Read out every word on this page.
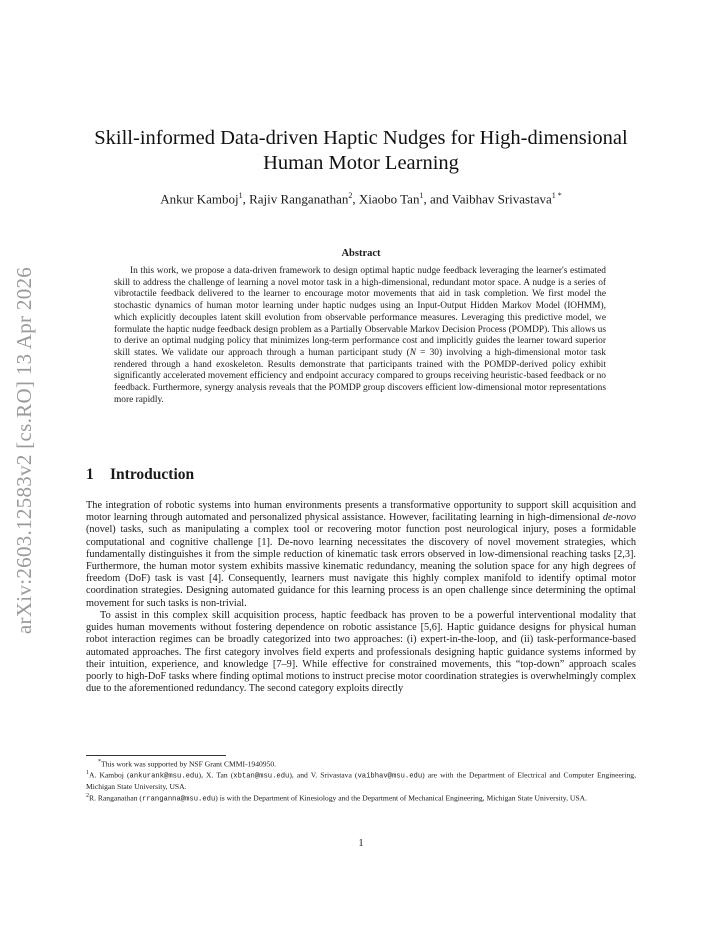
arXiv:2603.12583v2 [cs.RO] 13 Apr 2026
Skill-informed Data-driven Haptic Nudges for High-dimensional
Human Motor Learning
Ankur Kamboj$^1$, Rajiv Ranganathan$^2$, Xiaobo Tan$^1$, and Vaibhav Srivastava$^{1 *}$
Abstract

In this work, we propose a data-driven framework to design optimal haptic nudge feedback leveraging the learner's estimated skill to address the challenge of learning a novel motor task in a high-dimensional, redundant motor space. A nudge is a series of vibrotactile feedback delivered to the learner to encourage motor movements that aid in task completion. We first model the stochastic dynamics of human motor learning under haptic nudges using an Input-Output Hidden Markov Model (IOHMM), which explicitly decouples latent skill evolution from observable performance measures. Leveraging this predictive model, we formulate the haptic nudge feedback design problem as a Partially Observable Markov Decision Process (POMDP). This allows us to derive an optimal nudging policy that minimizes long-term performance cost and implicitly guides the learner toward superior skill states. We validate our approach through a human participant study (N = 30) involving a high-dimensional motor task rendered through a hand exoskeleton. Results demonstrate that participants trained with the POMDP-derived policy exhibit significantly accelerated movement efficiency and endpoint accuracy compared to groups receiving heuristic-based feedback or no feedback. Furthermore, synergy analysis reveals that the POMDP group discovers efficient low-dimensional motor representations more rapidly.

1 Introduction

The integration of robotic systems into human environments presents a transformative opportunity to support skill acquisition and motor learning through automated and personalized physical assistance. However, facilitating learning in high-dimensional de-novo (novel) tasks, such as manipulating a complex tool or recovering motor function post neurological injury, poses a formidable computational and cognitive challenge [1]. De-novo learning necessitates the discovery of novel movement strategies, which fundamentally distinguishes it from the simple reduction of kinematic task errors observed in low-dimensional reaching tasks [2,3]. Furthermore, the human motor system exhibits massive kinematic redundancy, meaning the solution space for any high degrees of freedom (DoF) task is vast [4]. Consequently, learners must navigate this highly complex manifold to identify optimal motor coordination strategies. Designing automated guidance for this learning process is an open challenge since determining the optimal movement for such tasks is non-trivial.

To assist in this complex skill acquisition process, haptic feedback has proven to be a powerful interventional modality that guides human movements without fostering dependence on robotic assistance [5,6]. Haptic guidance designs for physical human robot interaction regimes can be broadly categorized into two approaches: (i) expert-in-the-loop, and (ii) task-performance-based automated approaches. The first category involves field experts and professionals designing haptic guidance systems informed by their intuition, experience, and knowledge [7–9]. While effective for constrained movements, this “top-down” approach scales poorly to high-DoF tasks where finding optimal motions to instruct precise motor coordination strategies is overwhelmingly complex due to the aforementioned redundancy. The second category exploits directly

*This work was supported by NSF Grant CMMI-1940950.

$^1$A. Kamboj (ankurank@msu.edu), X. Tan (xbtan@msu.edu), and V. Srivastava (vaibhav@msu.edu) are with the Department of Electrical and Computer Engineering, Michigan State University, USA.

$^2$R. Ranganathan (rranganna@msu.edu) is with the Department of Kinesiology and the Department of Mechanical Engineering, Michigan State University, USA.

1
